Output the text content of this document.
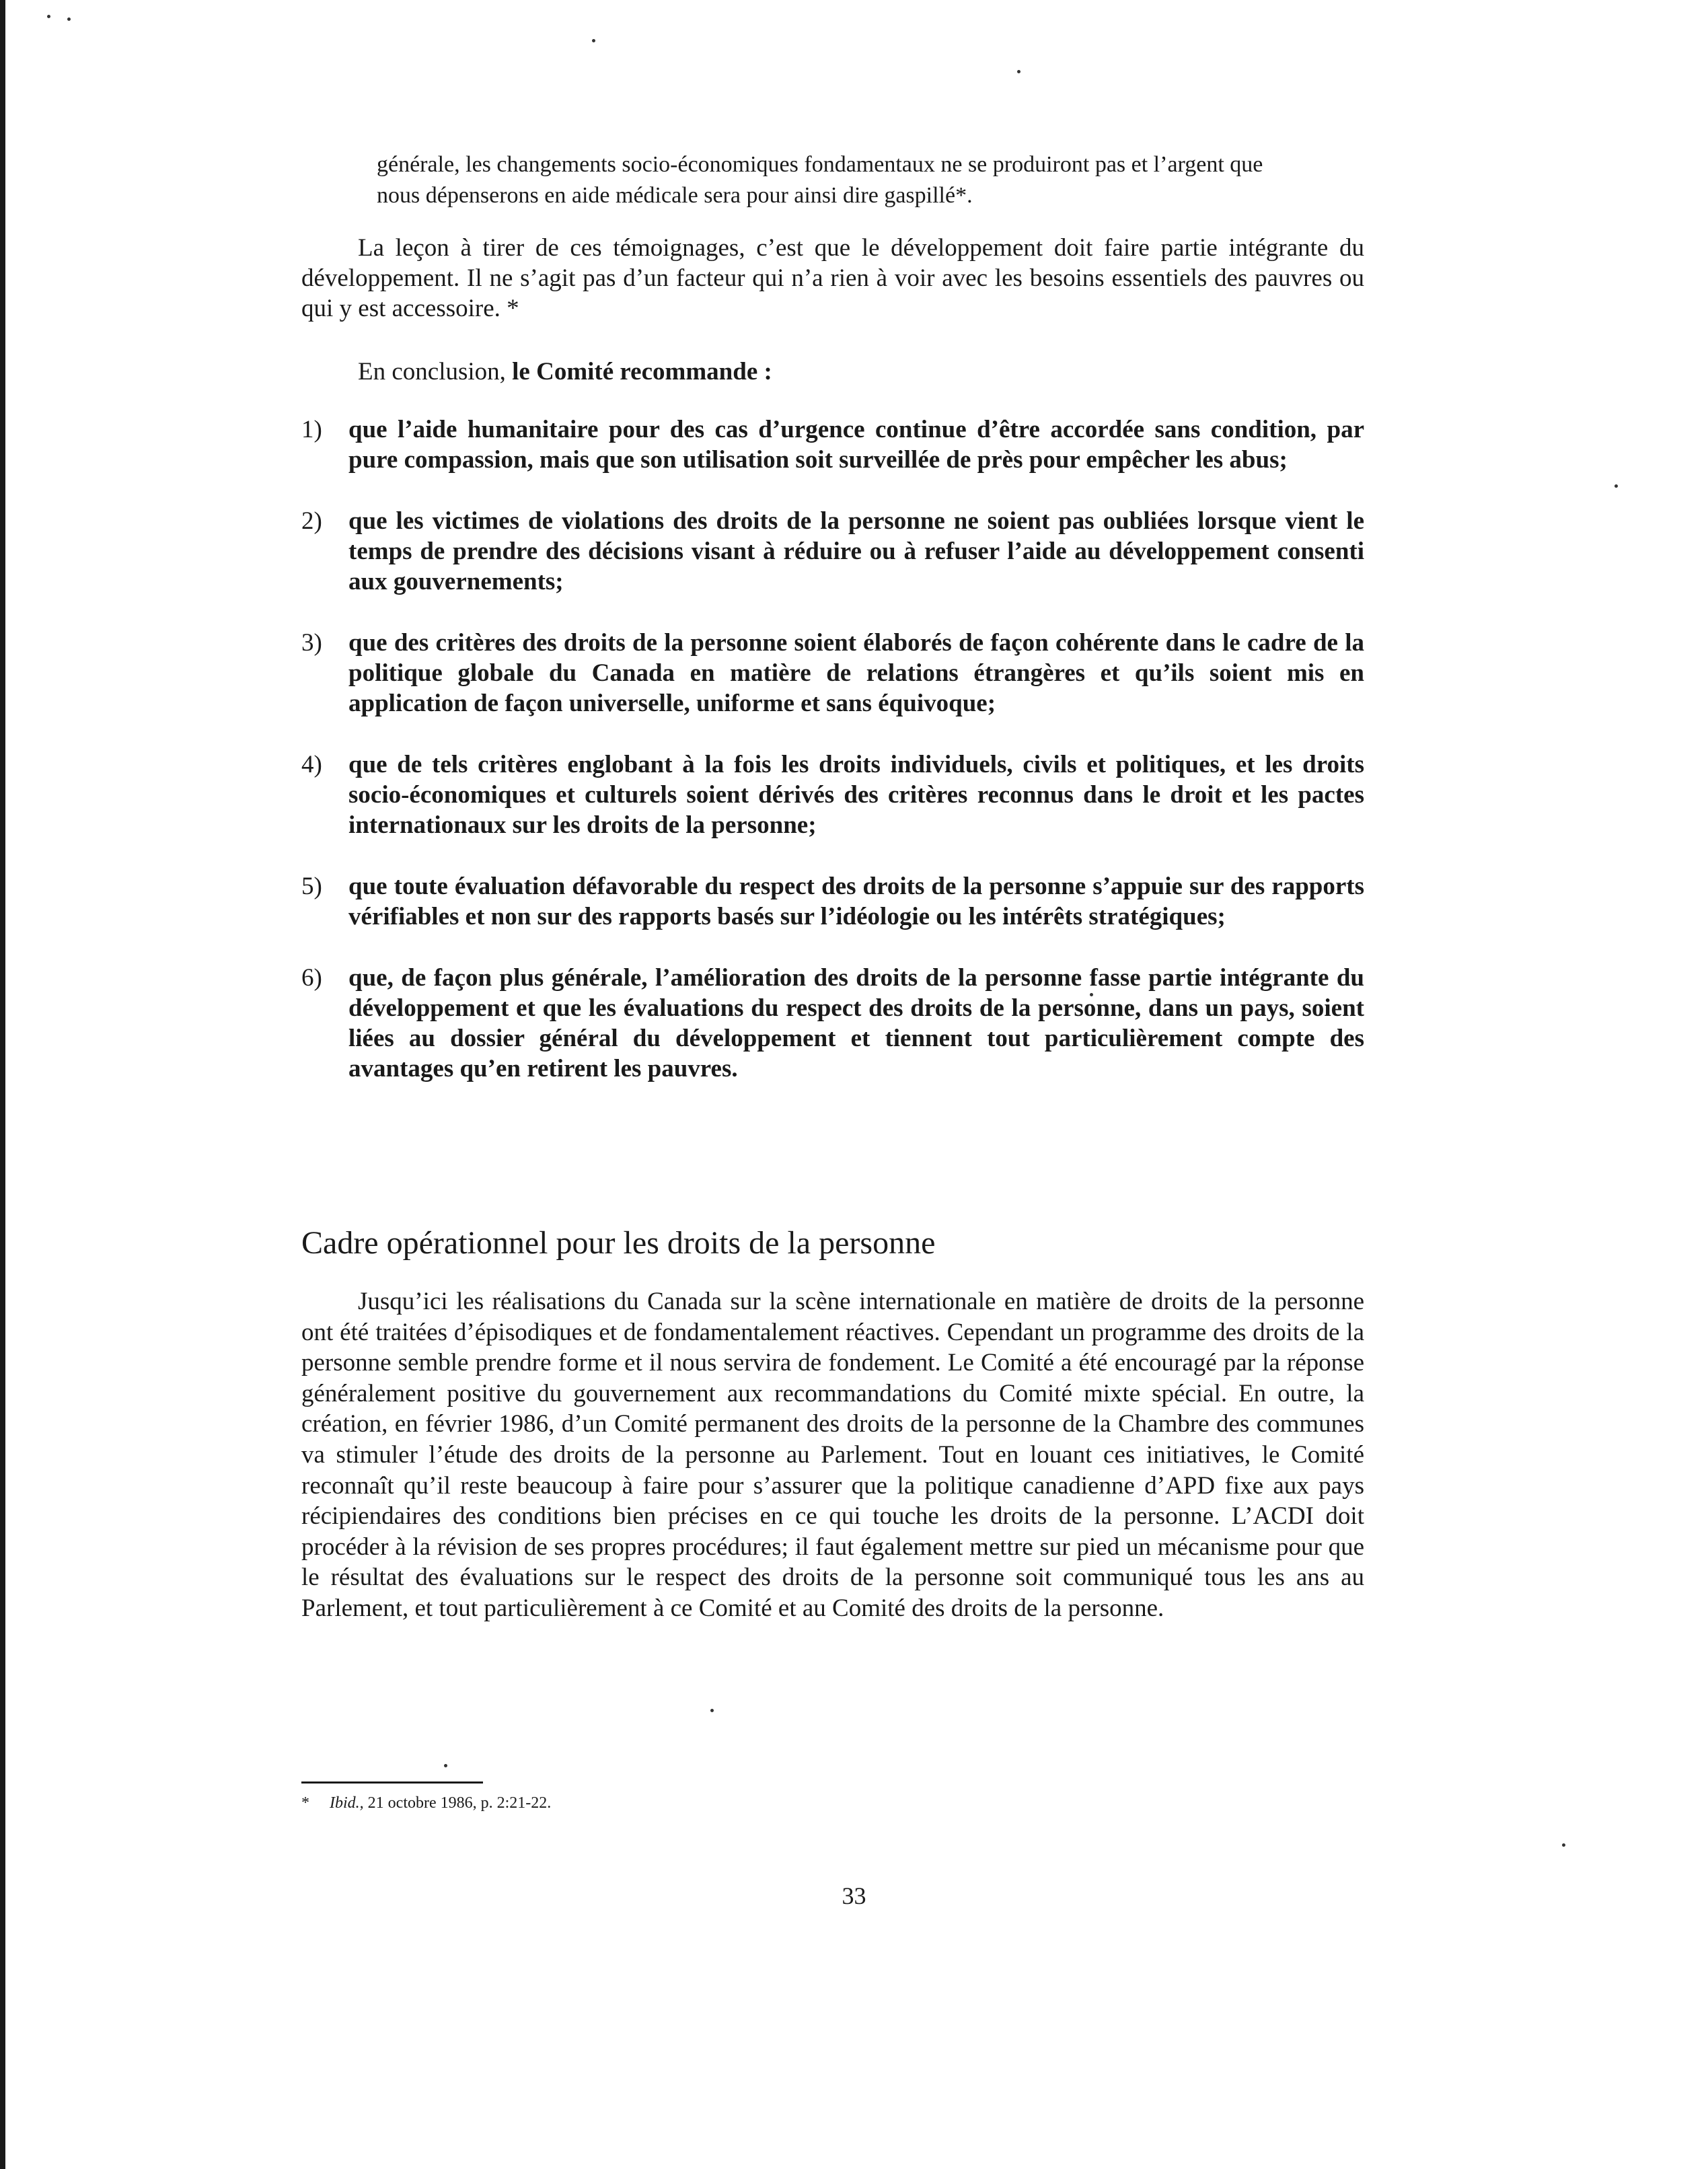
générale, les changements socio-économiques fondamentaux ne se produiront pas et l’argent que nous dépenserons en aide médicale sera pour ainsi dire gaspillé*.

La leçon à tirer de ces témoignages, c’est que le développement doit faire partie intégrante du développement. Il ne s’agit pas d’un facteur qui n’a rien à voir avec les besoins essentiels des pauvres ou qui y est accessoire. *

En conclusion, le Comité recommande :

1) que l’aide humanitaire pour des cas d’urgence continue d’être accordée sans condition, par pure compassion, mais que son utilisation soit surveillée de près pour empêcher les abus;
2) que les victimes de violations des droits de la personne ne soient pas oubliées lorsque vient le temps de prendre des décisions visant à réduire ou à refuser l’aide au développement consenti aux gouvernements;
3) que des critères des droits de la personne soient élaborés de façon cohérente dans le cadre de la politique globale du Canada en matière de relations étrangères et qu’ils soient mis en application de façon universelle, uniforme et sans équivoque;
4) que de tels critères englobant à la fois les droits individuels, civils et politiques, et les droits socio-économiques et culturels soient dérivés des critères reconnus dans le droit et les pactes internationaux sur les droits de la personne;
5) que toute évaluation défavorable du respect des droits de la personne s’appuie sur des rapports vérifiables et non sur des rapports basés sur l’idéologie ou les intérêts stratégiques;
6) que, de façon plus générale, l’amélioration des droits de la personne fasse partie intégrante du développement et que les évaluations du respect des droits de la personne, dans un pays, soient liées au dossier général du développement et tiennent tout particulièrement compte des avantages qu’en retirent les pauvres.
Cadre opérationnel pour les droits de la personne

Jusqu’ici les réalisations du Canada sur la scène internationale en matière de droits de la personne ont été traitées d’épisodiques et de fondamentalement réactives. Cependant un programme des droits de la personne semble prendre forme et il nous servira de fondement. Le Comité a été encouragé par la réponse généralement positive du gouvernement aux recommandations du Comité mixte spécial. En outre, la création, en février 1986, d’un Comité permanent des droits de la personne de la Chambre des communes va stimuler l’étude des droits de la personne au Parlement. Tout en louant ces initiatives, le Comité reconnaît qu’il reste beaucoup à faire pour s’assurer que la politique canadienne d’APD fixe aux pays récipiendaires des conditions bien précises en ce qui touche les droits de la personne. L’ACDI doit procéder à la révision de ses propres procédures; il faut également mettre sur pied un mécanisme pour que le résultat des évaluations sur le respect des droits de la personne soit communiqué tous les ans au Parlement, et tout particulièrement à ce Comité et au Comité des droits de la personne.

* Ibid., 21 octobre 1986, p. 2:21-22.
33
